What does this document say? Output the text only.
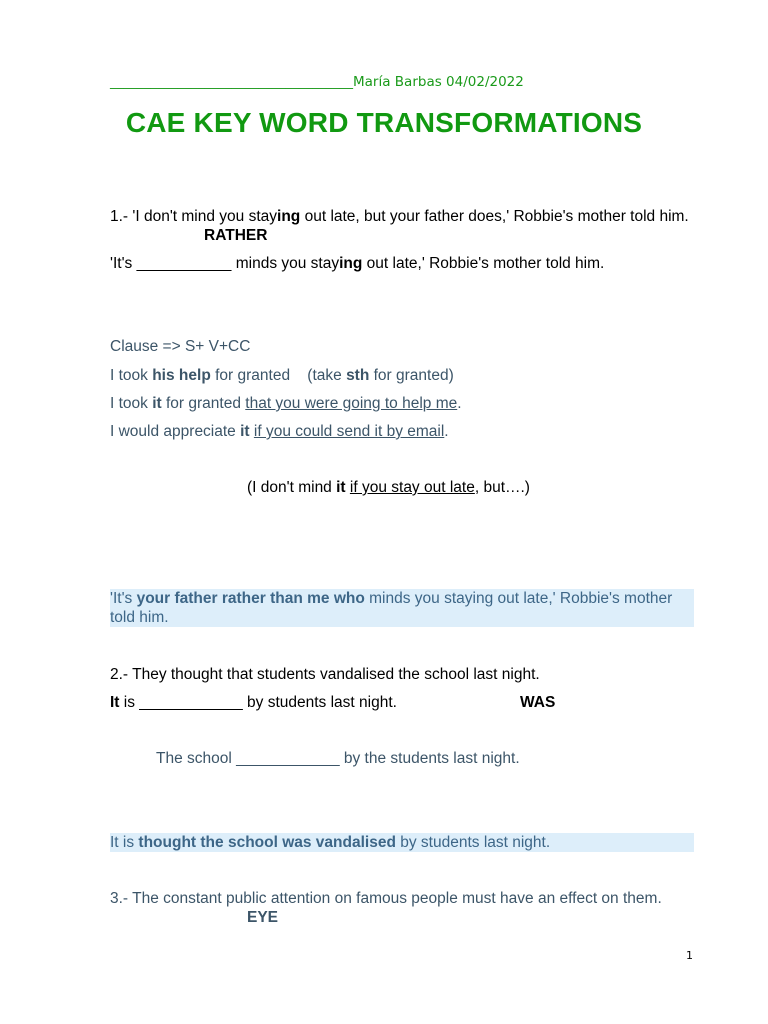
____________________________________María Barbas 04/02/2022
CAE KEY WORD TRANSFORMATIONS
1.- 'I don't mind you staying out late, but your father does,' Robbie's mother told him.
RATHER
'It's ___________ minds you staying out late,' Robbie's mother told him.
Clause => S+ V+CC
I took his help for granted    (take sth for granted)
I took it for granted that you were going to help me.
I would appreciate it if you could send it by email.
(I don't mind it if you stay out late, but….)
'It's your father rather than me who minds you staying out late,' Robbie's mother told him.
2.- They thought that students vandalised the school last night.
It is ____________ by students last night.	WAS
The school ____________ by the students last night.
It is thought the school was vandalised by students last night.
3.- The constant public attention on famous people must have an effect on them.
EYE
1
